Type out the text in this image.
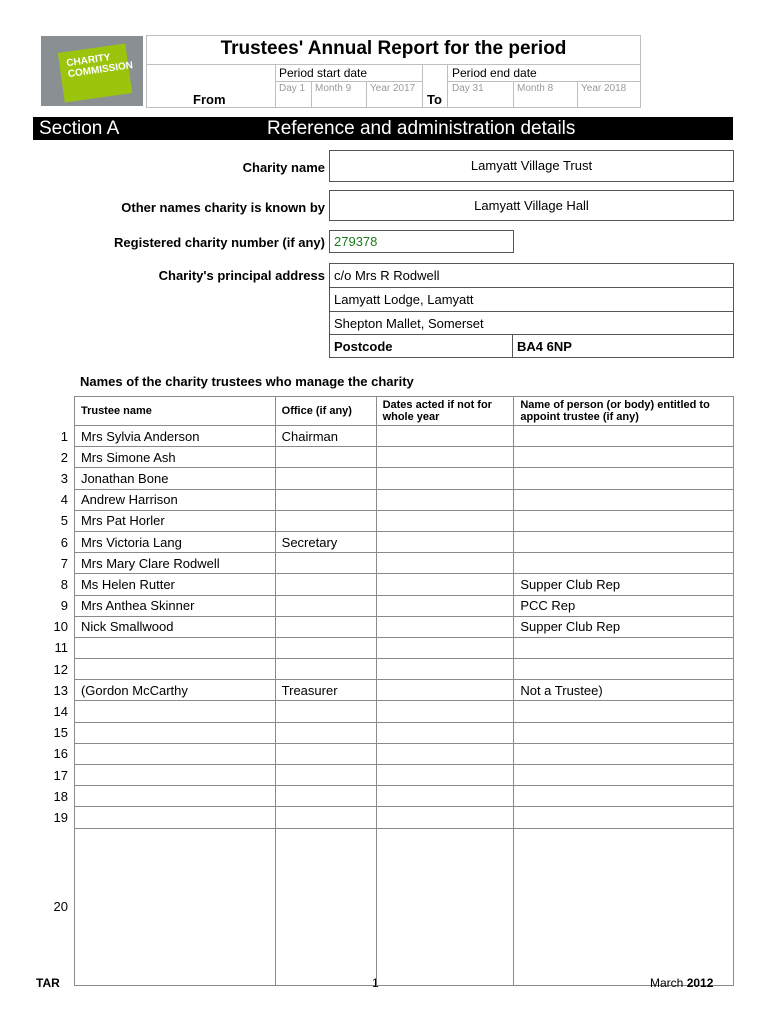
CHARITY COMMISSION
Trustees' Annual Report for the period
From	To
Period start date	Period end date
Day 1 Month 9 Year 2017	Day 31	Month 8	Year 2018
Section A	Reference and administration details
Charity name	Lamyatt Village Trust
Other names charity is known by	Lamyatt Village Hall
Registered charity number (if any) 279378
Charity's principal address c/o Mrs R Rodwell
Lamyatt Lodge, Lamyatt
Shepton Mallet, Somerset
Postcode	BA4 6NP
Names of the charity trustees who manage the charity
	Trustee name	Office (if any)	Dates acted if not for whole year	Name of person (or body) entitled to appoint trustee (if any)
1	Mrs Sylvia Anderson	Chairman		
2	Mrs Simone Ash			
3	Jonathan Bone			
4	Andrew Harrison			
5	Mrs Pat Horler			
6	Mrs Victoria Lang	Secretary		
7	Mrs Mary Clare Rodwell			
8	Ms Helen Rutter			Supper Club Rep
9	Mrs Anthea Skinner			PCC Rep
10	Nick Smallwood			Supper Club Rep
11				
12				
13	(Gordon McCarthy	Treasurer		Not a Trustee)
14				
15				
16				
17				
18				
19				
20				
TAR	1	March 2012
